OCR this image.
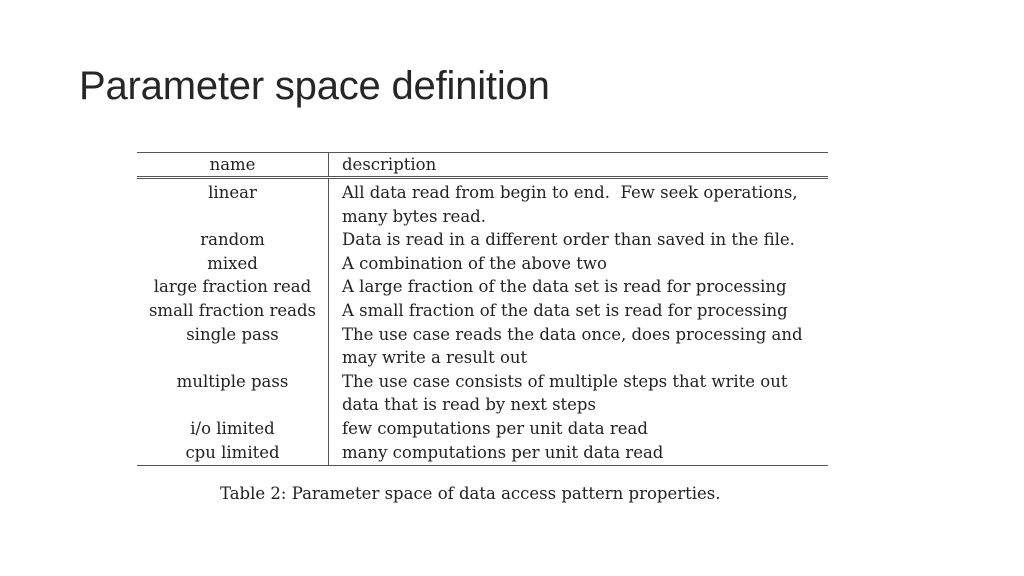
Parameter space definition
name	description
linear	All data read from begin to end.  Few seek operations,
	many bytes read.
random	Data is read in a different order than saved in the file.
mixed	A combination of the above two
large fraction read	A large fraction of the data set is read for processing
small fraction reads	A small fraction of the data set is read for processing
single pass	The use case reads the data once, does processing and
	may write a result out
multiple pass	The use case consists of multiple steps that write out
	data that is read by next steps
i/o limited	few computations per unit data read
cpu limited	many computations per unit data read
Table 2: Parameter space of data access pattern properties.
